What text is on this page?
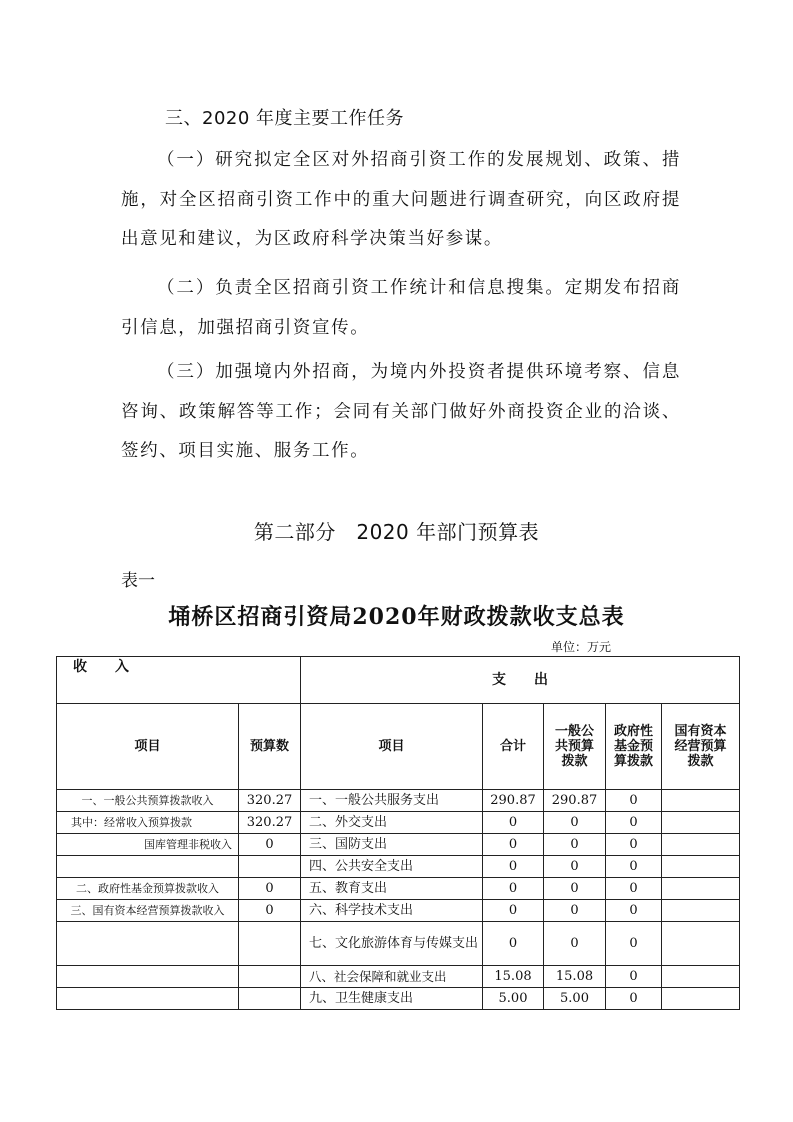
三、2020 年度主要工作任务

（一）研究拟定全区对外招商引资工作的发展规划、政策、措施，对全区招商引资工作中的重大问题进行调查研究，向区政府提出意见和建议，为区政府科学决策当好参谋。

（二）负责全区招商引资工作统计和信息搜集。定期发布招商引信息，加强招商引资宣传。

（三）加强境内外招商，为境内外投资者提供环境考察、信息咨询、政策解答等工作；会同有关部门做好外商投资企业的洽谈、签约、项目实施、服务工作。

第二部分　2020 年部门预算表
表一
埇桥区招商引资局2020年财政拨款收支总表
单位：万元
收　　入		支　　出				
项目	预算数	项目	合计	一般公共预算拨款	政府性基金预算拨款	国有资本经营预算拨款
一、一般公共预算拨款收入	320.27	一、一般公共服务支出	290.87	290.87	0	
其中：经常收入预算拨款	320.27	二、外交支出	0	0	0	
国库管理非税收入	0	三、国防支出	0	0	0	
		四、公共安全支出	0	0	0	
二、政府性基金预算拨款收入	0	五、教育支出	0	0	0	
三、国有资本经营预算拨款收入	0	六、科学技术支出	0	0	0	
		七、文化旅游体育与传媒支出	0	0	0	
		八、社会保障和就业支出	15.08	15.08	0	
		九、卫生健康支出	5.00	5.00	0	
